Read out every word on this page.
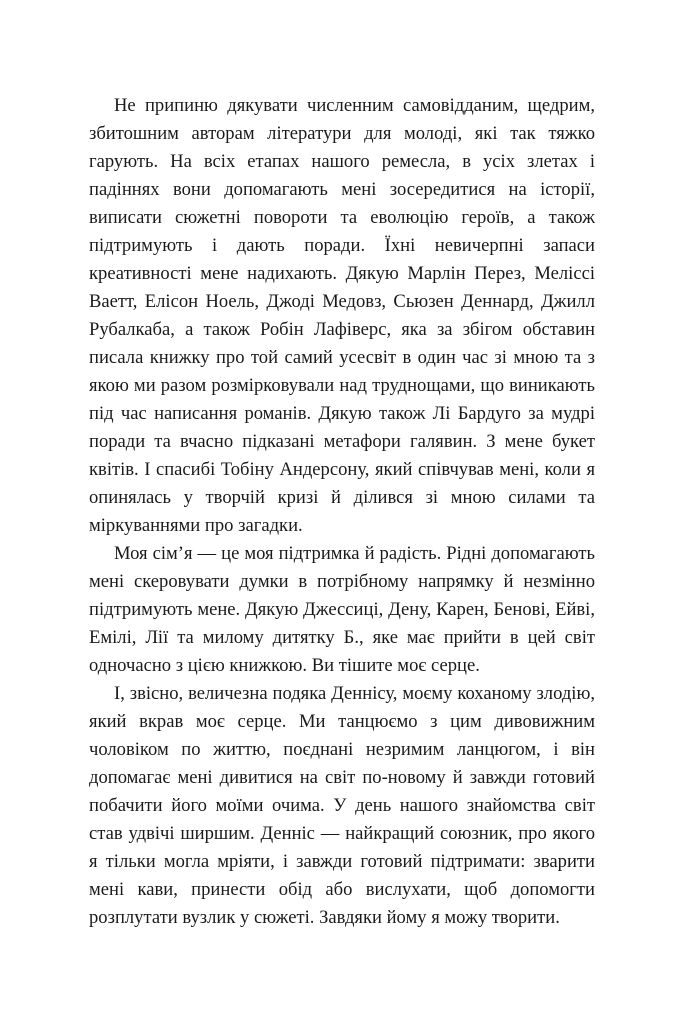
Не припиню дякувати численним самовідданим, щедрим, збитошним авторам літератури для молоді, які так тяжко гарують. На всіх етапах нашого ремесла, в усіх злетах і падіннях вони допомагають мені зосередитися на історії, виписати сюжетні повороти та еволюцію героїв, а також підтримують і дають поради. Їхні невичерпні запаси креативності мене надихають. Дякую Марлін Перез, Меліссі Ваетт, Елісон Ноель, Джоді Медовз, Сьюзен Деннард, Джилл Рубалкаба, а також Робін Лафіверс, яка за збігом обставин писала книжку про той самий усесвіт в один час зі мною та з якою ми разом розмірковували над труднощами, що виникають під час написання романів. Дякую також Лі Бардуго за мудрі поради та вчасно підказані метафори галявин. З мене букет квітів. І спасибі Тобіну Андерсону, який співчував мені, коли я опинялась у творчій кризі й ділився зі мною силами та міркуваннями про загадки.

Моя сім’я — це моя підтримка й радість. Рідні допомагають мені скеровувати думки в потрібному напрямку й незмінно підтримують мене. Дякую Джессиці, Дену, Карен, Бенові, Ейві, Емілі, Лії та милому дитятку Б., яке має прийти в цей світ одночасно з цією книжкою. Ви тішите моє серце.

І, звісно, величезна подяка Деннісу, моєму коханому злодію, який вкрав моє серце. Ми танцюємо з цим дивовижним чоловіком по життю, поєднані незримим ланцюгом, і він допомагає мені дивитися на світ по-новому й завжди готовий побачити його моїми очима. У день нашого знайомства світ став удвічі ширшим. Денніс — найкращий союзник, про якого я тільки могла мріяти, і завжди готовий підтримати: зварити мені кави, принести обід або вислухати, щоб допомогти розплутати вузлик у сюжеті. Завдяки йому я можу творити.
